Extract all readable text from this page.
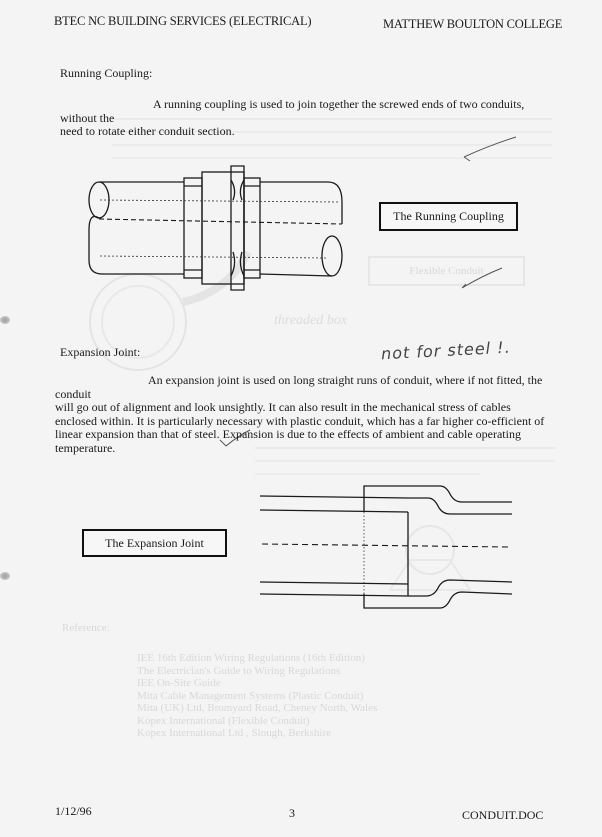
Flexible Conduit
threaded box
Reference:
IEE 16th Edition Wiring Regulations (16th Edition)
The Electrician's Guide to Wiring Regulations
IEE On-Site Guide
Mita Cable Management Systems (Plastic Conduit)
Mita (UK) Ltd, Bromyard Road, Cheney North, Wales
Kopex International (Flexible Conduit)
Kopex International Ltd , Slough, Berkshire
BTEC NC BUILDING SERVICES (ELECTRICAL)	MATTHEW BOULTON COLLEGE
Running Coupling:
A running coupling is used to join together the screwed ends of two conduits, without the
need to rotate either conduit section.
The Running Coupling
not for steel !.
Expansion Joint:
An expansion joint is used on long straight runs of conduit, where if not fitted, the conduit
will go out of alignment and look unsightly. It can also result in the mechanical stress of cables enclosed within. It is particularly necessary with plastic conduit, which has a far higher co-efficient of linear expansion than that of steel. Expansion is due to the effects of ambient and cable operating temperature.
The Expansion Joint
1/12/96	3	CONDUIT.DOC
